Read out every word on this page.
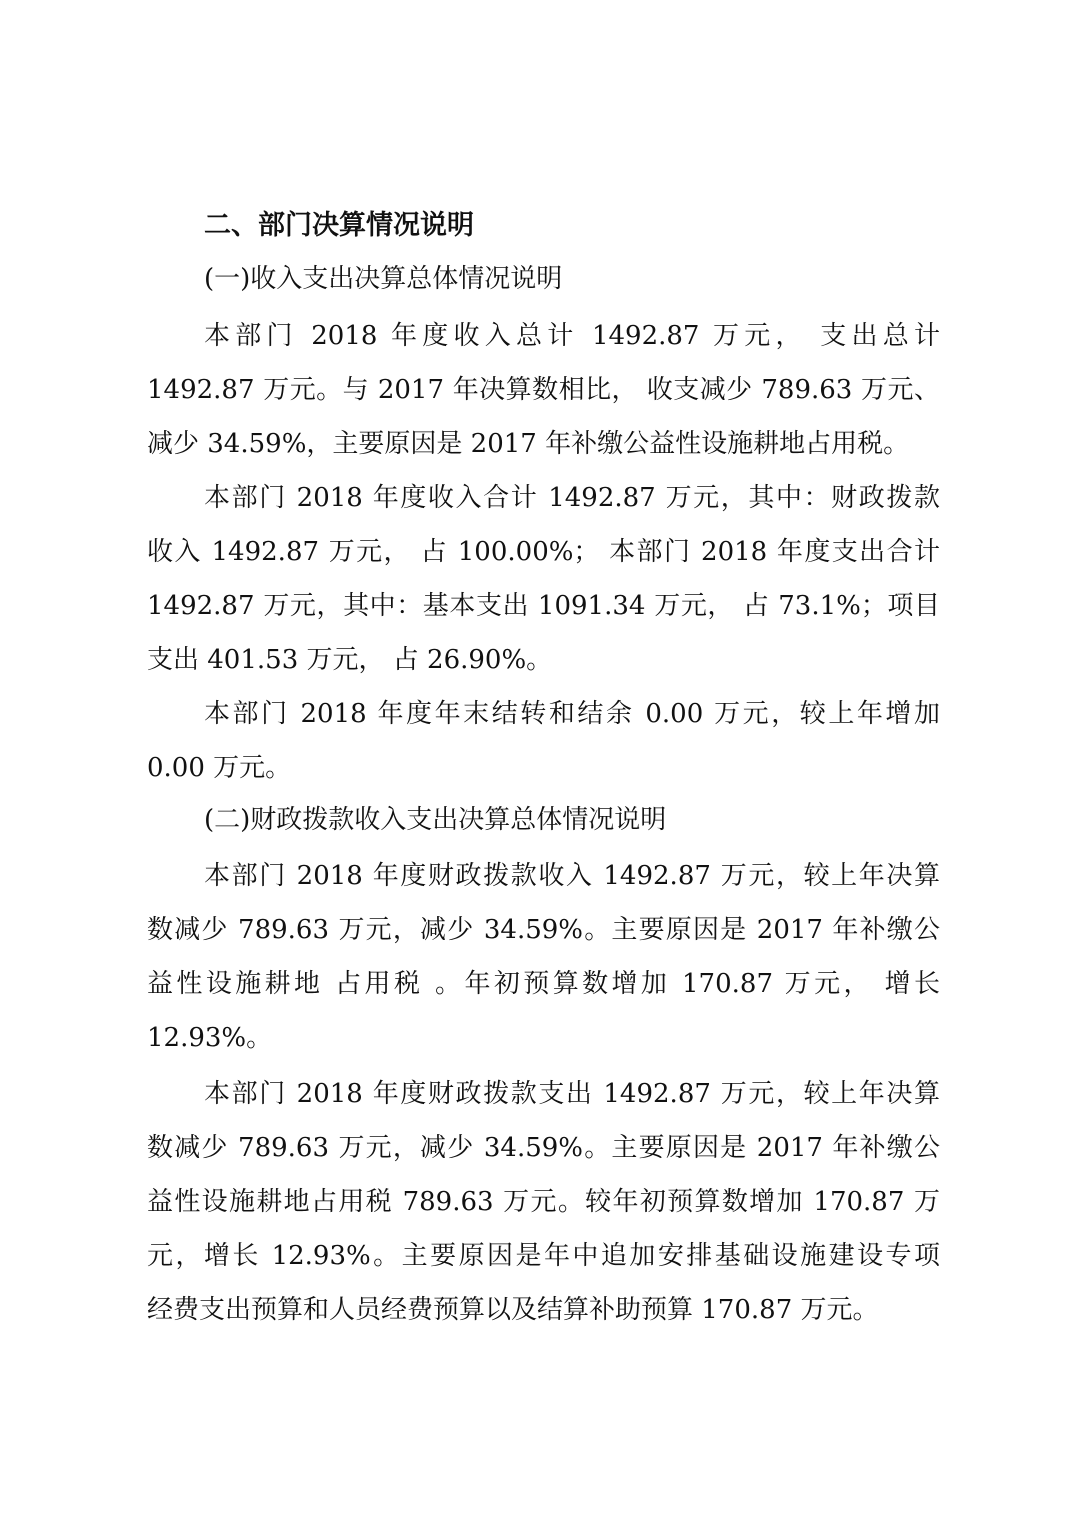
二、部门决算情况说明
(一)收入支出决算总体情况说明
本部门 2018 年度收入总计 1492.87 万元， 支出总计
1492.87 万元。与 2017 年决算数相比， 收支减少 789.63 万元、
减少 34.59%，主要原因是 2017 年补缴公益性设施耕地占用税。
本部门 2018 年度收入合计 1492.87 万元，其中：财政拨款
收入 1492.87 万元， 占 100.00%； 本部门 2018 年度支出合计
1492.87 万元，其中：基本支出 1091.34 万元， 占 73.1%；项目
支出 401.53 万元， 占 26.90%。
本部门 2018 年度年末结转和结余 0.00 万元，较上年增加
0.00 万元。
(二)财政拨款收入支出决算总体情况说明
本部门 2018 年度财政拨款收入 1492.87 万元，较上年决算
数减少 789.63 万元，减少 34.59%。主要原因是 2017 年补缴公
益性设施耕地 占用税 。年初预算数增加 170.87 万元， 增长
12.93%。
本部门 2018 年度财政拨款支出 1492.87 万元，较上年决算
数减少 789.63 万元，减少 34.59%。主要原因是 2017 年补缴公
益性设施耕地占用税 789.63 万元。较年初预算数增加 170.87 万
元，增长 12.93%。主要原因是年中追加安排基础设施建设专项
经费支出预算和人员经费预算以及结算补助预算 170.87 万元。
